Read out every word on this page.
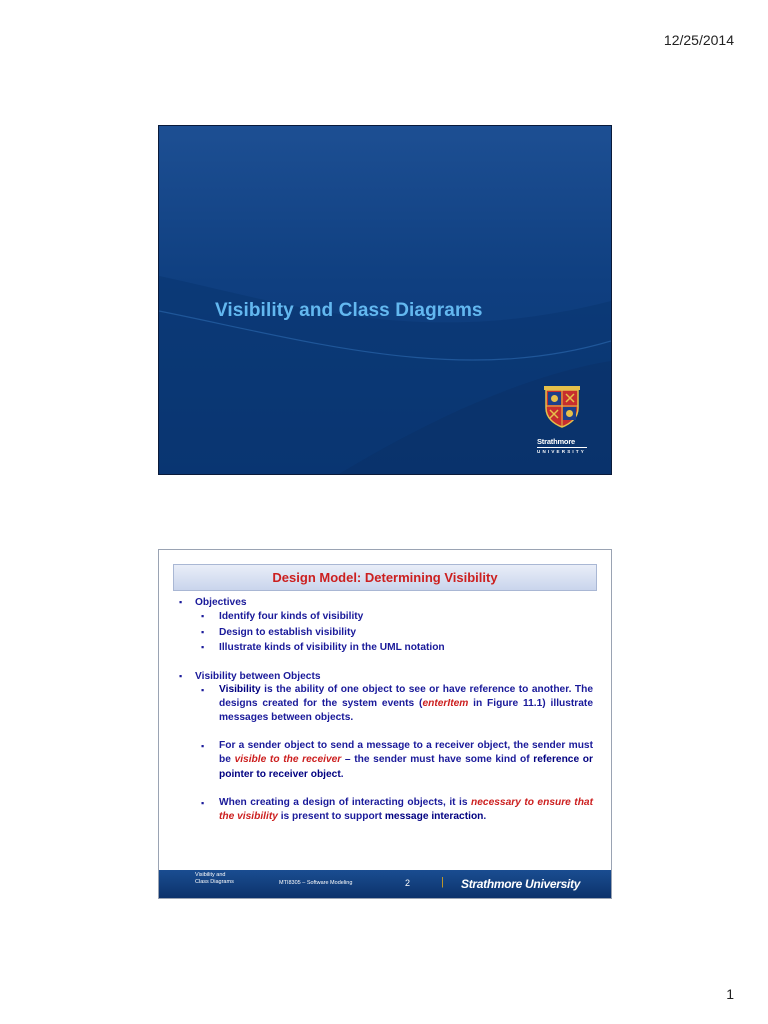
12/25/2014
Visibility and Class Diagrams
Strathmore
UNIVERSITY
Design Model: Determining Visibility

▪ Objectives

▪ Identify four kinds of visibility

▪ Design to establish visibility

▪ Illustrate kinds of visibility in the UML notation

▪ Visibility between Objects

▪ Visibility is the ability of one object to see or have reference to another. The designs created for the system events (enterItem in Figure 11.1) illustrate messages between objects.

▪ For a sender object to send a message to a receiver object, the sender must be visible to the receiver – the sender must have some kind of reference or pointer to receiver object.

▪ When creating a design of interacting objects, it is necessary to ensure that the visibility is present to support message interaction.

Visibility and Class Diagrams	MTI8305 – Software Modeling	2	| Strathmore University
1
